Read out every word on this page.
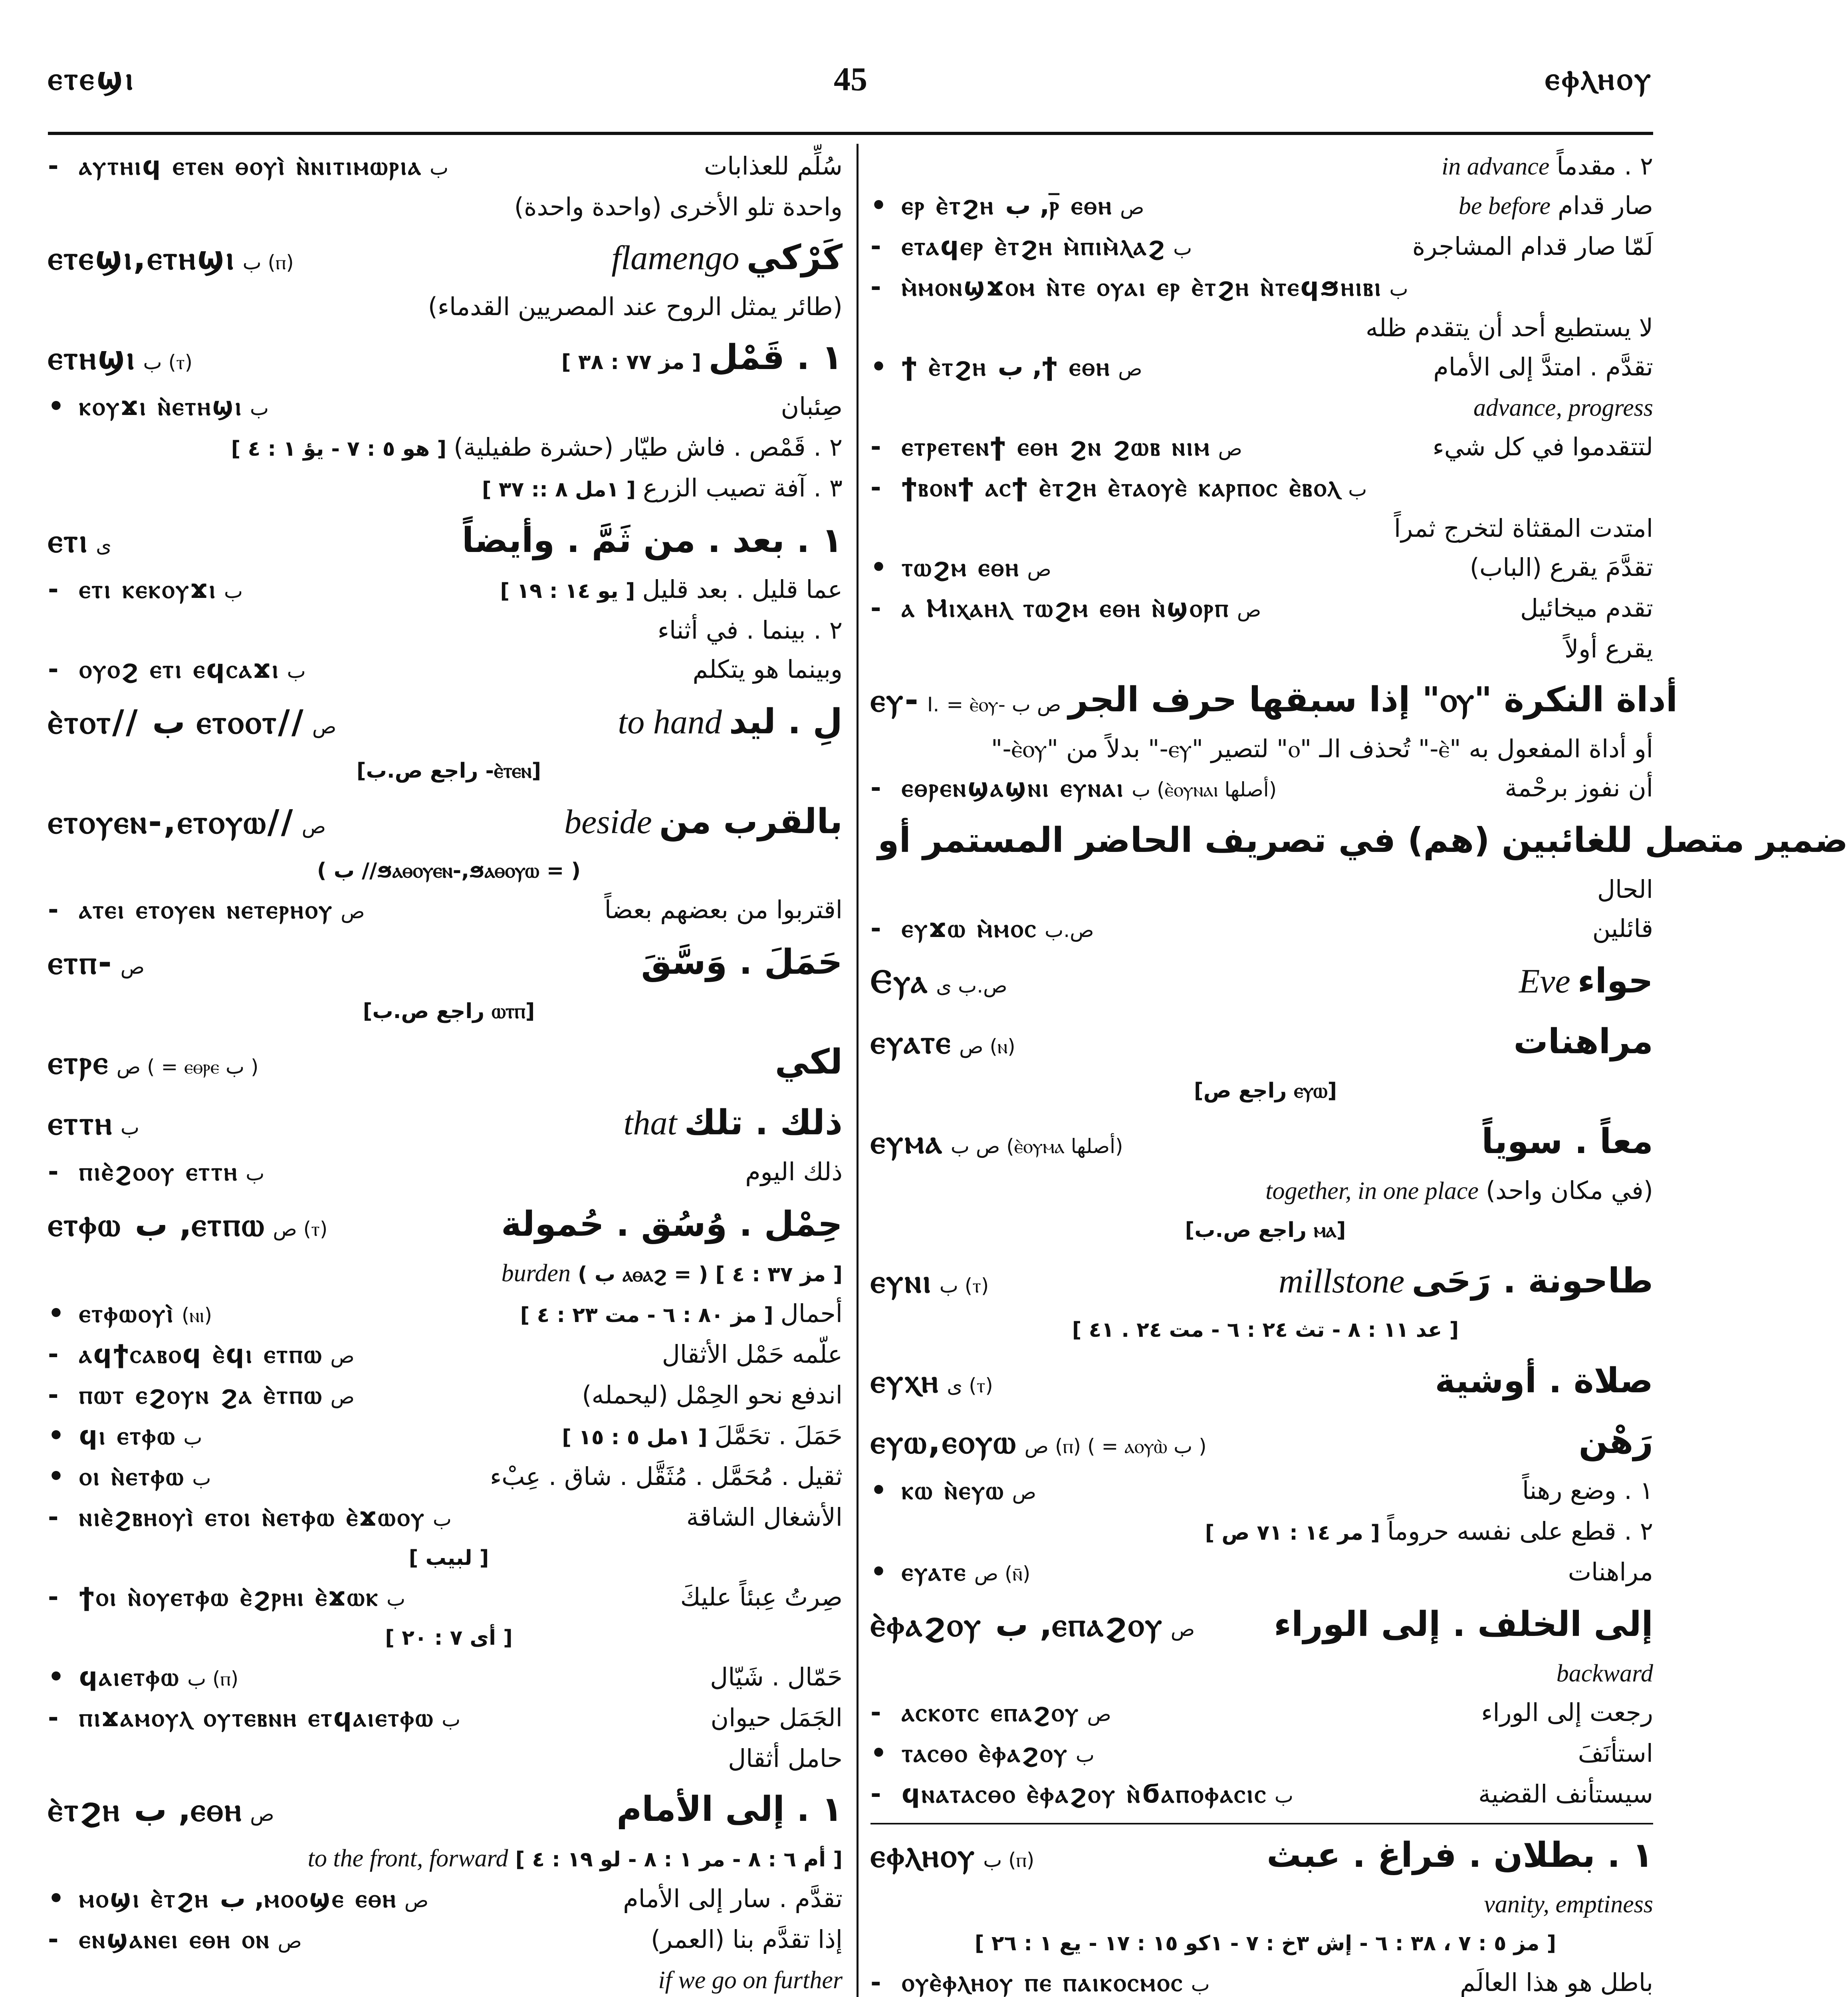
ⲉⲧⲉϣⲓ	45	ⲉⲫⲗⲏⲟⲩ
- ⲁⲩⲧⲏⲓϥ ⲉⲧⲉⲛ ⲑⲟⲩⲓ̀ ⲛ̀ⲛⲓⲧⲓⲙⲱⲣⲓⲁ ب	سُلِّم للعذابات
واحدة تلو الأخرى (واحدة واحدة)
ⲉⲧⲉϣⲓ,ⲉⲧⲏϣⲓ ب (ⲡ)	flamengo كَرْكي
(طائر يمثل الروح عند المصريين القدماء)
ⲉⲧⲏϣⲓ ب (ⲧ)	[ مز ٧٧ : ٣٨ ] ١ . قَمْل
• ⲕⲟⲩϫⲓ ⲛ̀ⲉⲧⲏϣⲓ ب	صِئبان
[ هو ٥ : ٧ - يؤ ١ : ٤ ] ٢ . قَمْص . فاش طيّار (حشرة طفيلية)
[ ١مل ٨ :: ٣٧ ] ٣ . آفة تصيب الزرع
ⲉⲧⲓ ى	١ . بعد . من ثَمَّ . وأيضاً
- ⲉⲧⲓ ⲕⲉⲕⲟⲩϫⲓ ب	[ يو ١٤ : ١٩ ] عما قليل . بعد قليل
٢ . بينما . في أثناء
- ⲟⲩⲟϩ ⲉⲧⲓ ⲉϥⲥⲁϫⲓ ب	وبينما هو يتكلم
ⲉ̀ⲧⲟⲧ// ب ⲉⲧⲟⲟⲧ// ص	to hand لِ . ليد
[ⲉ̀ⲧⲉⲛ- راجع ص.ب]
ⲉⲧⲟⲩⲉⲛ-,ⲉⲧⲟⲩⲱ// ص	beside بالقرب من
( = ϧⲁⲑⲟⲩⲉⲛ-,ϧⲁⲑⲟⲩⲱ// ب )
- ⲁⲧⲉⲓ ⲉⲧⲟⲩⲉⲛ ⲛⲉⲧⲉⲣⲏⲟⲩ ص	اقتربوا من بعضهم بعضاً
ⲉⲧⲡ- ص	حَمَلَ . وَسَّقَ
[ⲱⲧⲡ راجع ص.ب]
ⲉⲧⲣⲉ ص ( = ⲉⲑⲣⲉ ب )	لكي
ⲉⲧⲧⲏ ب	that ذلك . تلك
- ⲡⲓⲉ̀ϩⲟⲟⲩ ⲉⲧⲧⲏ ب	ذلك اليوم
ⲉⲧⲫⲱ ب ,ⲉⲧⲡⲱ ص (ⲧ)	حِمْل . وُسُق . حُمولة
burden [ مز ٣٧ : ٤ ] ( = ⲁⲑⲁϩ ب )
• ⲉⲧⲫⲱⲟⲩⲓ̀ (ⲛⲓ)	[ مز ٨٠ : ٦ - مت ٢٣ : ٤ ] أحمال
- ⲁϥϯⲥⲁⲃⲟϥ ⲉ̀ϥⲓ ⲉⲧⲡⲱ ص	علّمه حَمْل الأثقال
- ⲡⲱⲧ ⲉϩⲟⲩⲛ ϩⲁ ⲉ̀ⲧⲡⲱ ص	اندفع نحو الحِمْل (ليحمله)
• ϥⲓ ⲉⲧⲫⲱ ب	[ ١مل ٥ : ١٥ ] حَمَلَ . تحَمَّلَ
• ⲟⲓ ⲛ̀ⲉⲧⲫⲱ ب	ثقيل . مُحَمَّل . مُثَقَّل . شاق . عِبْء
- ⲛⲓⲉ̀ϩⲃⲏⲟⲩⲓ̀ ⲉⲧⲟⲓ ⲛ̀ⲉⲧⲫⲱ ⲉ̀ϫⲱⲟⲩ ب	الأشغال الشاقة
[ لبيب ]
- ϯⲟⲓ ⲛ̀ⲟⲩⲉⲧⲫⲱ ⲉ̀ϩⲣⲏⲓ ⲉ̀ϫⲱⲕ ب	صِرتُ عِبئاً عليكَ
[ أى ٧ : ٢٠ ]
• ϥⲁⲓⲉⲧⲫⲱ ب (ⲡ)	حَمّال . شَيّال
- ⲡⲓϫⲁⲙⲟⲩⲗ ⲟⲩⲧⲉⲃⲛⲏ ⲉⲧϥⲁⲓⲉⲧⲫⲱ ب	الجَمَل حيوان
حامل أثقال
ⲉ̀ⲧϩⲏ ب ,ⲉⲑⲏ ص	١ . إلى الأمام
to the front, forward [ أم ٦ : ٨ - مر ١ : ٨ - لو ١٩ : ٤ ]
• ⲙⲟϣⲓ ⲉ̀ⲧϩⲏ ب ,ⲙⲟⲟϣⲉ ⲉⲑⲏ ص	تقدَّم . سار إلى الأمام
- ⲉⲛϣⲁⲛⲉⲓ ⲉⲑⲏ ⲟⲛ ص	إذا تقدَّم بنا (العمر)
if we go on further
in advance ٢ . مقدماً
• ⲉⲣ ⲉ̀ⲧϩⲏ ب ,ⲣ̅ ⲉⲑⲏ ص	be before صار قدام
- ⲉⲧⲁϥⲉⲣ ⲉ̀ⲧϩⲏ ⲙ̀ⲡⲓⲙ̀ⲗⲁϩ ب	لَمّا صار قدام المشاجرة
- ⲙ̀ⲙⲟⲛϣϫⲟⲙ ⲛ̀ⲧⲉ ⲟⲩⲁⲓ ⲉⲣ ⲉ̀ⲧϩⲏ ⲛ̀ⲧⲉϥϧⲏⲓⲃⲓ ب
لا يستطيع أحد أن يتقدم ظله
• ϯ ⲉ̀ⲧϩⲏ ب ,ϯ ⲉⲑⲏ ص	تقدَّم . امتدَّ إلى الأمام
advance, progress
- ⲉⲧⲣⲉⲧⲉⲛϯ ⲉⲑⲏ ϩⲛ ϩⲱⲃ ⲛⲓⲙ ص	لتتقدموا في كل شيء
- ϯⲃⲟⲛϯ ⲁⲥϯ ⲉ̀ⲧϩⲏ ⲉ̀ⲧⲁⲟⲩⲉ̀ ⲕⲁⲣⲡⲟⲥ ⲉ̀ⲃⲟⲗ ب
امتدت المقثاة لتخرج ثمراً
• ⲧⲱϩⲙ ⲉⲑⲏ ص	تقدَّمَ يقرع (الباب)
- ⲁ Ⲙⲓⲭⲁⲏⲗ ⲧⲱϩⲙ ⲉⲑⲏ ⲛ̀ϣⲟⲣⲡ ص	تقدم ميخائيل
يقرع أولاً
ⲉⲩ- I. = ⲉ̀ⲟⲩ- ص ب أداة النكرة "ⲟⲩ" إذا سبقها حرف الجر
أو أداة المفعول به "ⲉ̀-" تُحذف الـ "ⲟ" لتصير "ⲉⲩ-" بدلاً من "ⲉ̀ⲟⲩ-"
- ⲉⲑⲣⲉⲛϣⲁϣⲛⲓ ⲉⲩⲛⲁⲓ ب (ⲉ̀ⲟⲩⲛⲁⲓ أصلها)	أن نفوز برحْمة
ضمير متصل للغائبين (هم) في تصريف الحاضر المستمر أو
الحال
- ⲉⲩϫⲱ ⲙ̀ⲙⲟⲥ ص.ب	قائلين
Ⲉⲩⲁ ص.ب ى	Eve حواء
ⲉⲩⲁⲧⲉ ص (ⲛ)	مراهنات
[ⲉⲩⲱ راجع ص]
ⲉⲩⲙⲁ ص ب (ⲉ̀ⲟⲩⲙⲁ أصلها)	معاً . سوياً
together, in one place (في مكان واحد)
[ⲙⲁ راجع ص.ب]
ⲉⲩⲛⲓ ب (ⲧ)	millstone طاحونة . رَحَى
[ عد ١١ : ٨ - تث ٢٤ : ٦ - مت ٢٤ . ٤١ ]
ⲉⲩⲭⲏ ى (ⲧ)	صلاة . أوشية
ⲉⲩⲱ,ⲉⲟⲩⲱ ص (ⲡ) ( = ⲁⲟⲩⲱ̀ ب )	رَهْن
• ⲕⲱ ⲛ̀ⲉⲩⲱ ص	١ . وضع رهناً
[ مر ١٤ : ٧١ ص ] ٢ . قطع على نفسه حروماً
• ⲉⲩⲁⲧⲉ ص (ⲛ̄)	مراهنات
ⲉ̀ⲫⲁϩⲟⲩ ب ,ⲉⲡⲁϩⲟⲩ ص إلى الخلف . إلى الوراء
backward
- ⲁⲥⲕⲟⲧⲥ ⲉⲡⲁϩⲟⲩ ص	رجعت إلى الوراء
• ⲧⲁⲥⲑⲟ ⲉ̀ⲫⲁϩⲟⲩ ب	استأنَفَ
- ϥⲛⲁⲧⲁⲥⲑⲟ ⲉ̀ⲫⲁϩⲟⲩ ⲛ̀ϭⲁⲡⲟⲫⲁⲥⲓⲥ ب	سيستأنف القضية
ⲉⲫⲗⲏⲟⲩ ب (ⲡ)	١ . بطلان . فراغ . عبث
vanity, emptiness
[ مز ٥ : ٧ ، ٣٨ : ٦ - إش ٣خ : ٧ - ١كو ١٥ : ١٧ - يع ١ : ٢٦ ]
- ⲟⲩⲉ̀ⲫⲗⲏⲟⲩ ⲡⲉ ⲡⲁⲓⲕⲟⲥⲙⲟⲥ ب	باطل هو هذا العالَم
